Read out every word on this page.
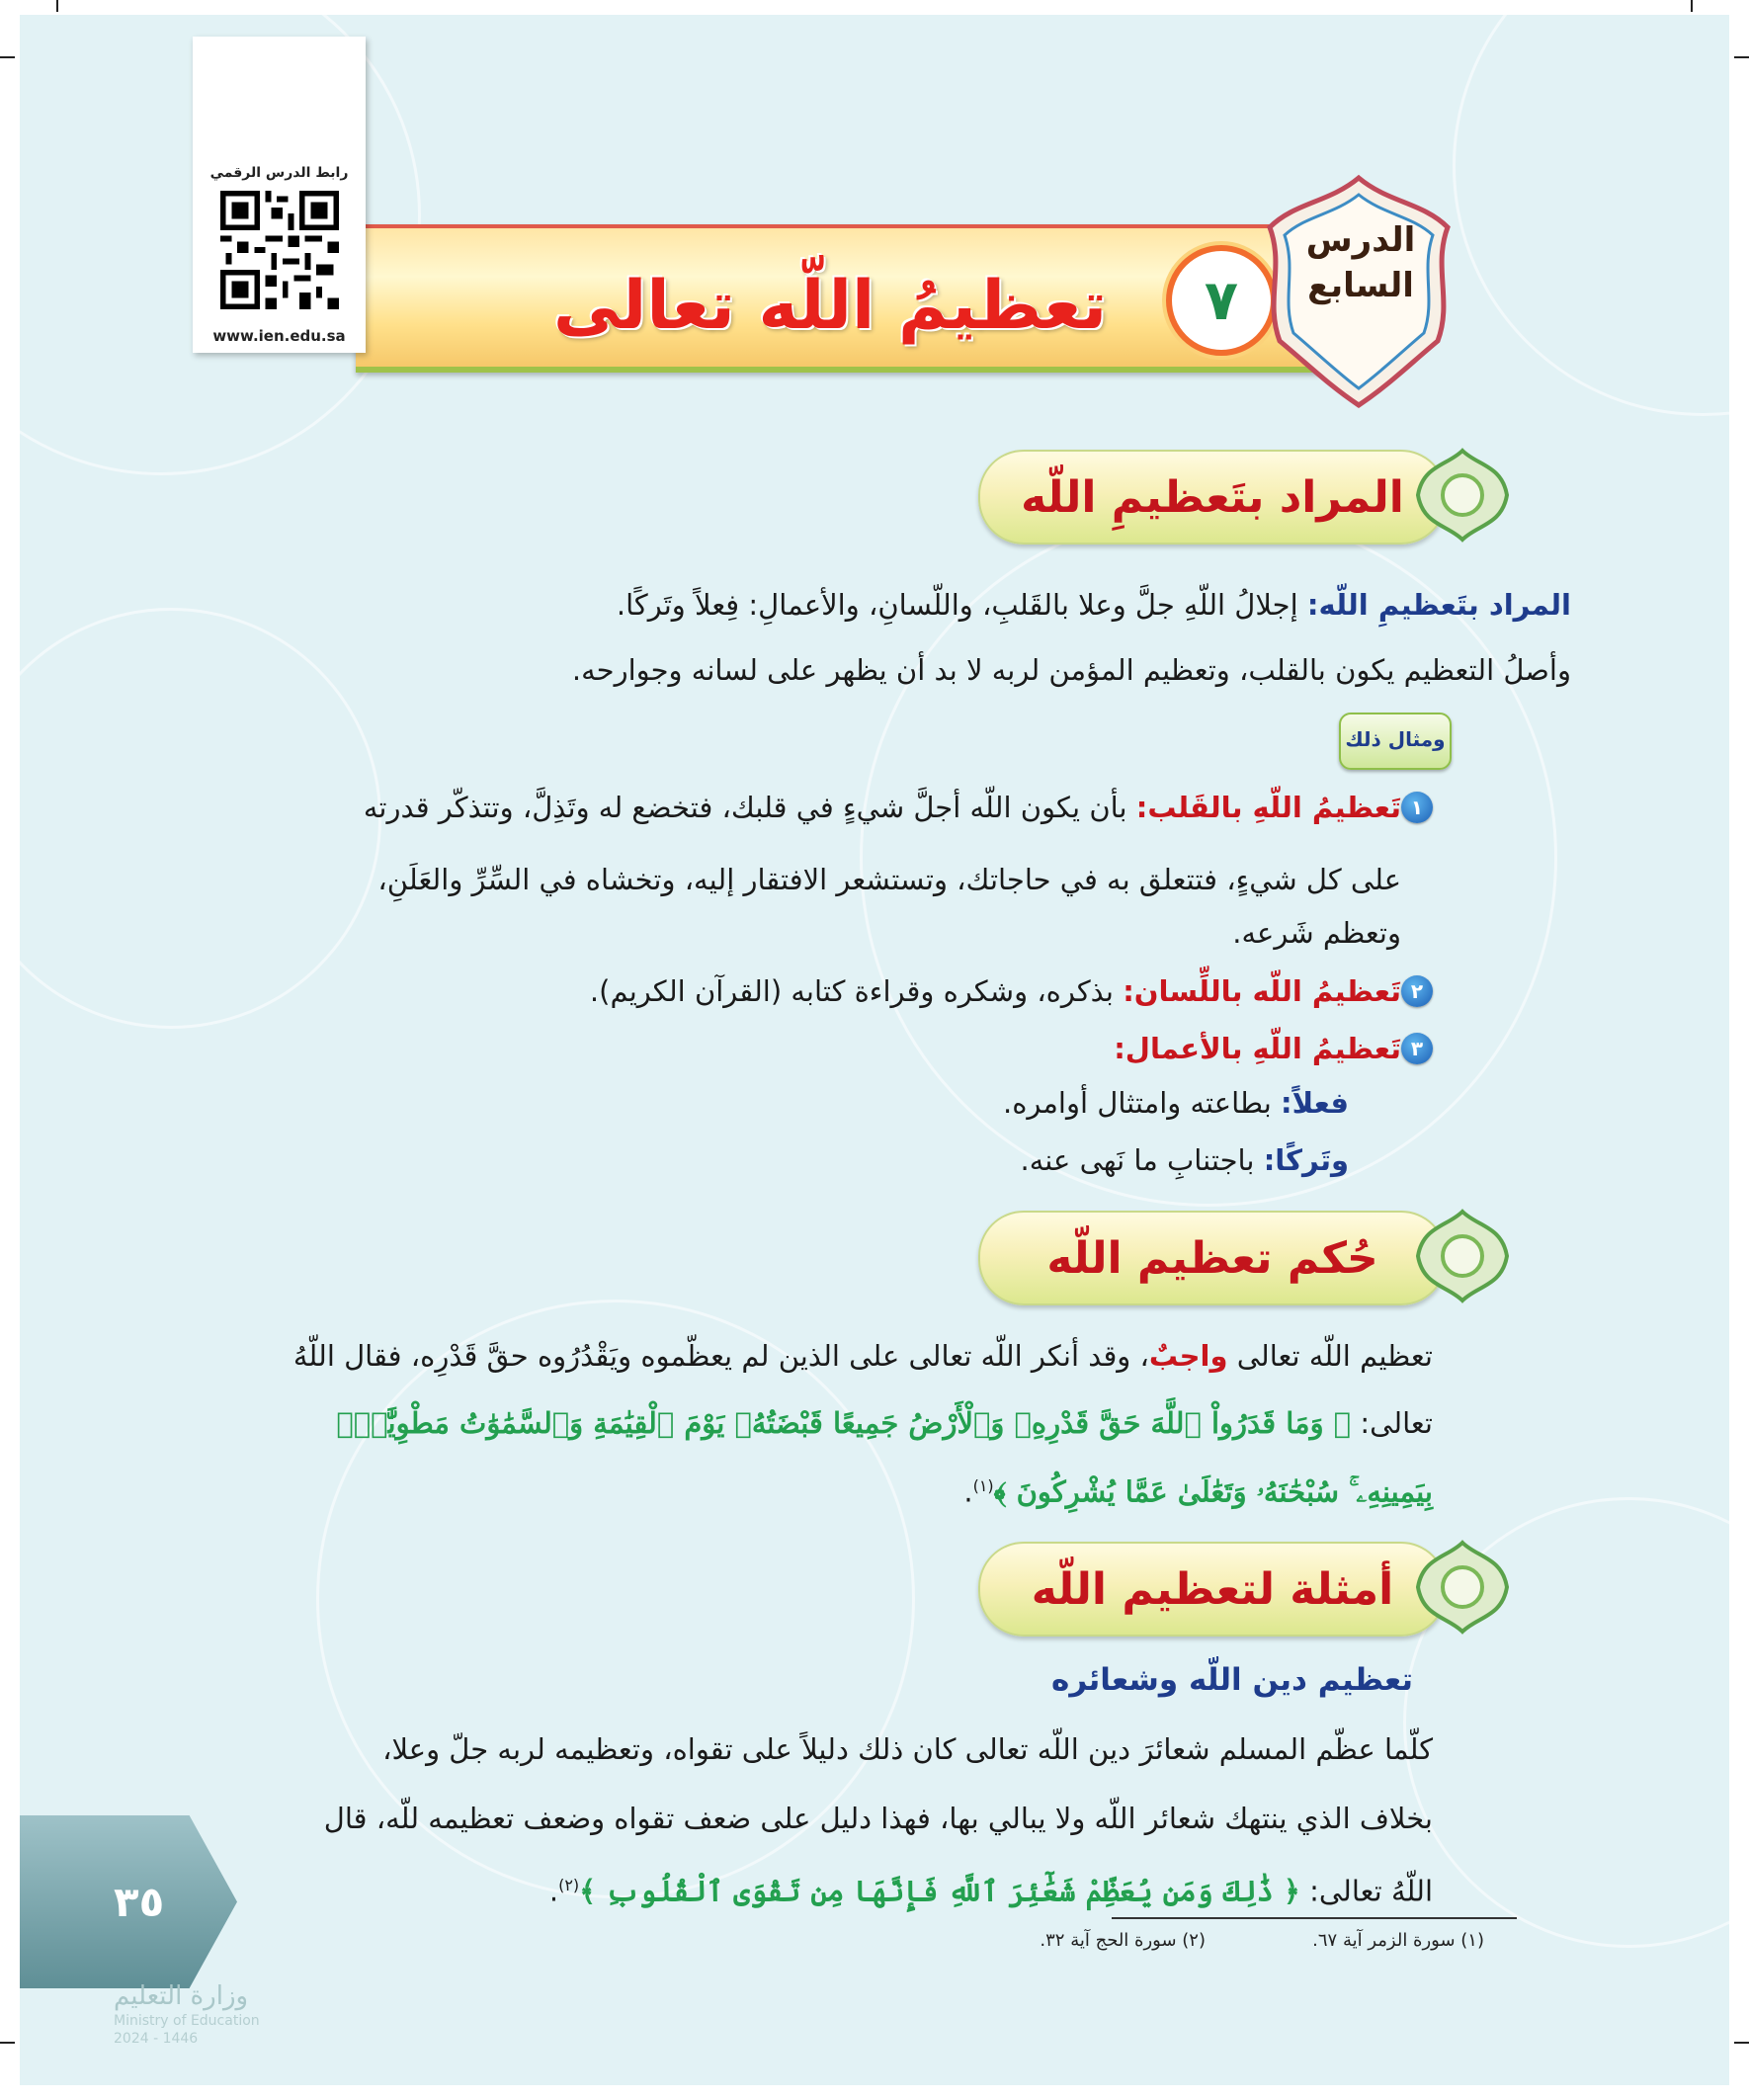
تعظيمُ اللّه تعالى	٧
الدرس
السابع
رابط الدرس الرقمي
www.ien.edu.sa
المراد بتَعظيمِ اللّه
المراد بتَعظيمِ اللّه: إجلالُ اللّهِ جلَّ وعلا بالقَلبِ، واللّسانِ، والأعمالِ: فِعلاً وتَركًا.
وأصلُ التعظيم يكون بالقلب، وتعظيم المؤمن لربه لا بد أن يظهر على لسانه وجوارحه.
ومثال ذلك
١
تَعظيمُ اللّهِ بالقَلب: بأن يكون اللّه أجلَّ شيءٍ في قلبك، فتخضع له وتَذِلَّ، وتتذكّر قدرته
على كل شيءٍ، فتتعلق به في حاجاتك، وتستشعر الافتقار إليه، وتخشاه في السِّرِّ والعَلَنِ،
وتعظم شَرعه.
٢
تَعظيمُ اللّه باللِّسان: بذكره، وشكره وقراءة كتابه (القرآن الكريم).
٣
تَعظيمُ اللّهِ بالأعمال:
فعلاً: بطاعته وامتثال أوامره.
وتَركًا: باجتنابِ ما نَهى عنه.
حُكم تعظيم اللّه
تعظيم اللّه تعالى واجبٌ، وقد أنكر اللّه تعالى على الذين لم يعظّموه ويَقْدُرُوه حقَّ قَدْرِه، فقال اللّهُ
تعالى: ﴿ وَمَا قَدَرُواْ ٱللَّهَ حَقَّ قَدْرِهِۦ وَٱلْأَرْضُ جَمِيعًا قَبْضَتُهُۥ يَوْمَ ٱلْقِيَٰمَةِ وَٱلسَّمَٰوَٰتُ مَطْوِيَّٰتٌۢ
بِيَمِينِهِۦ ۚ سُبْحَٰنَهُۥ وَتَعَٰلَىٰ عَمَّا يُشْرِكُونَ ﴾$^{(١)}$.
أمثلة لتعظيم اللّه
تعظيم دين اللّه وشعائره
كلّما عظّم المسلم شعائرَ دين اللّه تعالى كان ذلك دليلاً على تقواه، وتعظيمه لربه جلّ وعلا،
بخلاف الذي ينتهك شعائر اللّه ولا يبالي بها، فهذا دليل على ضعف تقواه وضعف تعظيمه للّه، قال
اللّهُ تعالى: ﴿ ذَٰلِكَ وَمَن يُعَظِّمْ شَعَٰٓئِرَ ٱللَّهِ فَإِنَّهَا مِن تَقْوَى ٱلْقُلُوبِ ﴾$^{(٢)}$.
(١) سورة الزمر آية ٦٧.
(٢) سورة الحج آية ٣٢.
٣٥
وزارة التعليم
Ministry of Education
2024 - 1446
